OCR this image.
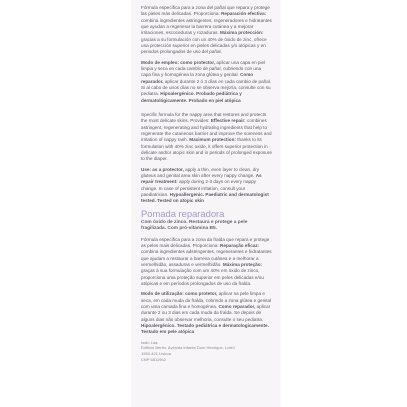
Fórmula específica para a zona del pañal que repara y protege las pieles más delicadas. Proporciona: Reparación efectiva: combina ingredientes astringentes, regeneradores e hidratantes que ayudan a regenerar la barrera cutánea y a mejorar irritaciones, escoceduras y rozaduras. Máxima protección: gracias a su formulación con un 40% de óxido de zinc, ofrece una protección superior en pieles delicadas y/o atópicas y en periodos prolongados de uso del pañal.

Modo de empleo: como protector, aplicar una capa en piel limpia y seca en cada cambio de pañal, cubriendo con una capa fina y homogénea la zona glútea y genital. Como reparador, aplicar durante 2 ó 3 días en cada cambio de pañal. Si al cabo de unos días no se observa mejoría, consulte con su pediatra. Hipoalergénico. Probado pediátrica y dermatológicamente. Probado en piel atópica

Specific formula for the nappy area that restores and protects the most delicate skins. Provides: Effective repair: combines astringent, regenerating and hydrating ingredients that help to regenerate the cutaneous barrier and improve the soreness and irritation of nappy rash. Maximum protection: thanks to its formulation with 40% zinc oxide, it offers superior protection in delicate and/or atopic skin and in periods of prolonged exposure to the diaper.

Use: as a protector, apply a thin, even layer to clean, dry gluteus and genital area skin after every nappy change. As repair treatment: apply during 2-3 days on every nappy change. In case of persistent irritation, consult your paediatrician. Hypoallergenic. Paediatric and dermatologist tested. Tested on atopic skin

Pomada reparadora
Com óxido de zinco. Restaura e protege a pele fragilizada. Com pró-vitamina B5.

Fórmula específica para a zona da fralda que repara e protege as peles mais delicadas. Proporciona: Reparação eficaz: combina ingredientes adstringentes, regenerantes e hidratantes que ajudam a restaurar a barreira cutânea e a melhorar a vermelhidão, assaduras e vermelhidão. Máxima proteção: graças à sua formulação com um 40% em óxido de zinco, proporciona uma proteção superior em peles delicadas e/ou atópicas e em períodos prolongados de uso da fralda.

Modo de utilização: como protetor, aplicar na pele limpa e seca, em cada muda da fralda, cobrindo a zona glútea e genital com uma camada fina e homogénea. Como reparador, aplicar durante 2 ou 3 dias em cada muda da fralda. Se depois de alguns dias não observar melhoria, consulte o seu pediatra. Hipoalergénico. Testado pediátrica e dermatologicamente. Testado em pele atópica

Isdin Lda.

Edifício Bertin, Avenida Infante Dom Henrique, Lote1

1950-421 Lisboa

CNP 6811962
